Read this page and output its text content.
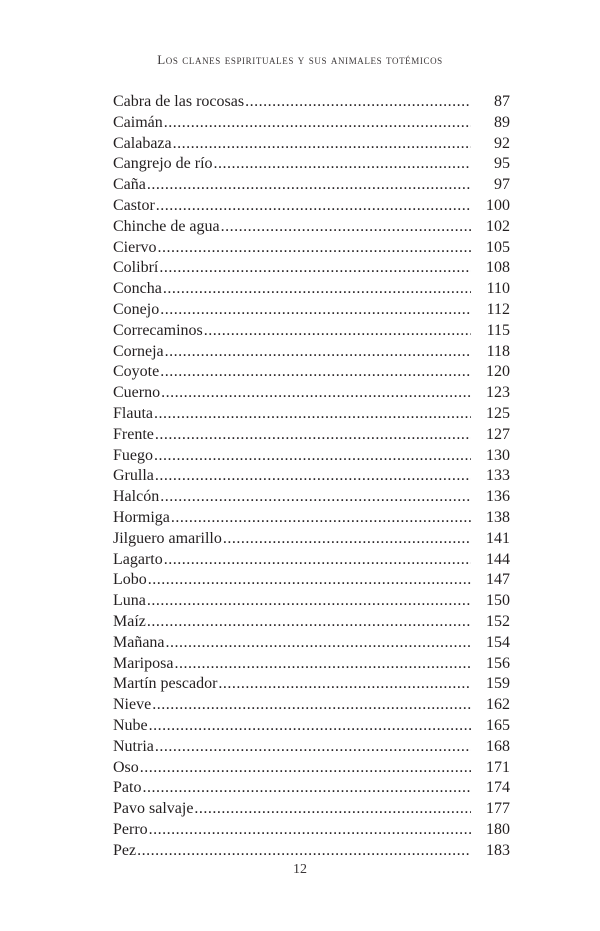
Los clanes espirituales y sus animales totémicos
Cabra de las rocosas .....	87
Caimán .....	89
Calabaza .....	92
Cangrejo de río .....	95
Caña .....	97
Castor .....	100
Chinche de agua .....	102
Ciervo .....	105
Colibrí .....	108
Concha .....	110
Conejo .....	112
Correcaminos .....	115
Corneja .....	118
Coyote .....	120
Cuerno .....	123
Flauta .....	125
Frente .....	127
Fuego .....	130
Grulla .....	133
Halcón .....	136
Hormiga .....	138
Jilguero amarillo .....	141
Lagarto .....	144
Lobo .....	147
Luna .....	150
Maíz .....	152
Mañana .....	154
Mariposa .....	156
Martín pescador .....	159
Nieve .....	162
Nube .....	165
Nutria .....	168
Oso .....	171
Pato .....	174
Pavo salvaje .....	177
Perro .....	180
Pez .....	183
12
